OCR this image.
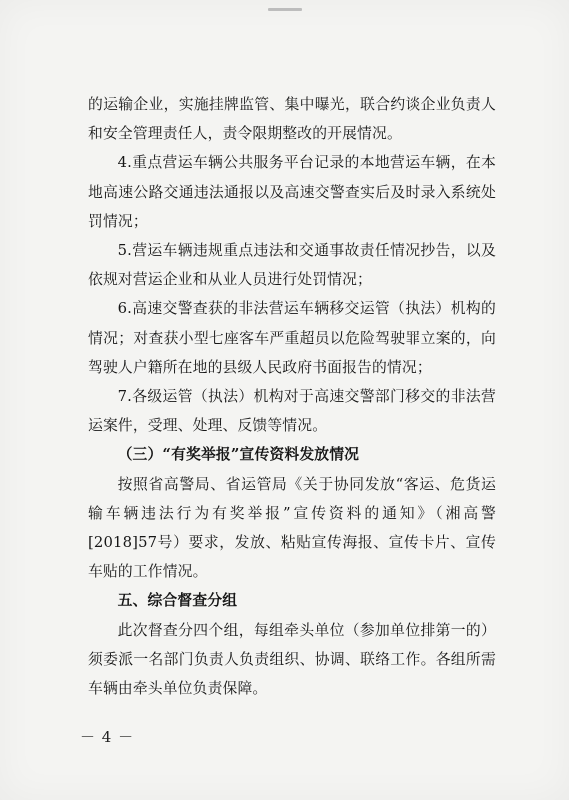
的运输企业，实施挂牌监管、集中曝光，联合约谈企业负责人和安全管理责任人，责令限期整改的开展情况。

4.重点营运车辆公共服务平台记录的本地营运车辆，在本地高速公路交通违法通报以及高速交警查实后及时录入系统处罚情况；

5.营运车辆违规重点违法和交通事故责任情况抄告，以及依规对营运企业和从业人员进行处罚情况；

6.高速交警查获的非法营运车辆移交运管（执法）机构的情况；对查获小型七座客车严重超员以危险驾驶罪立案的，向驾驶人户籍所在地的县级人民政府书面报告的情况；

7.各级运管（执法）机构对于高速交警部门移交的非法营运案件，受理、处理、反馈等情况。

（三）“有奖举报”宣传资料发放情况

按照省高警局、省运管局《关于协同发放“客运、危货运输车辆违法行为有奖举报”宣传资料的通知》（湘高警[2018]57号）要求，发放、粘贴宣传海报、宣传卡片、宣传车贴的工作情况。

五、综合督查分组

此次督查分四个组，每组牵头单位（参加单位排第一的）须委派一名部门负责人负责组织、协调、联络工作。各组所需车辆由牵头单位负责保障。

－ 4 －
